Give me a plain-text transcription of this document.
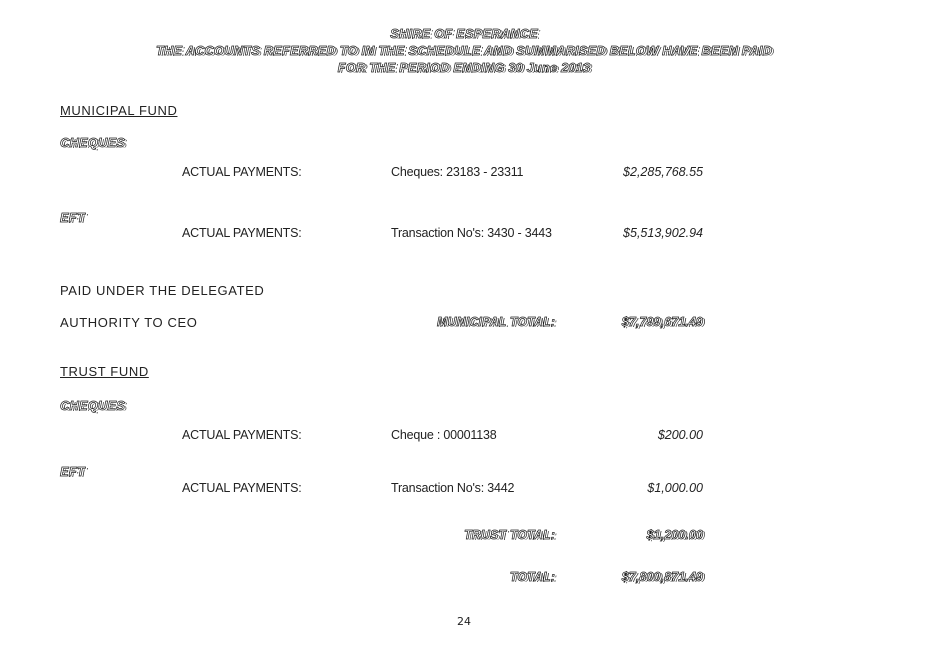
SHIRE OF ESPERANCE
THE ACCOUNTS REFERRED TO IN THE SCHEDULE AND SUMMARISED BELOW HAVE BEEN PAID
FOR THE PERIOD ENDING 30 June 2013
MUNICIPAL FUND
CHEQUES
ACTUAL PAYMENTS:	Cheques: 23183 - 23311	$2,285,768.55
EFT
ACTUAL PAYMENTS:	Transaction No's: 3430 - 3443	$5,513,902.94
PAID UNDER THE DELEGATED
AUTHORITY TO CEO	MUNICIPAL TOTAL:	$7,799,671.49
TRUST FUND
CHEQUES
ACTUAL PAYMENTS:	Cheque : 00001138	$200.00
EFT
ACTUAL PAYMENTS:	Transaction No's: 3442	$1,000.00
TRUST TOTAL:	$1,200.00
TOTAL:	$7,800,871.49
24
